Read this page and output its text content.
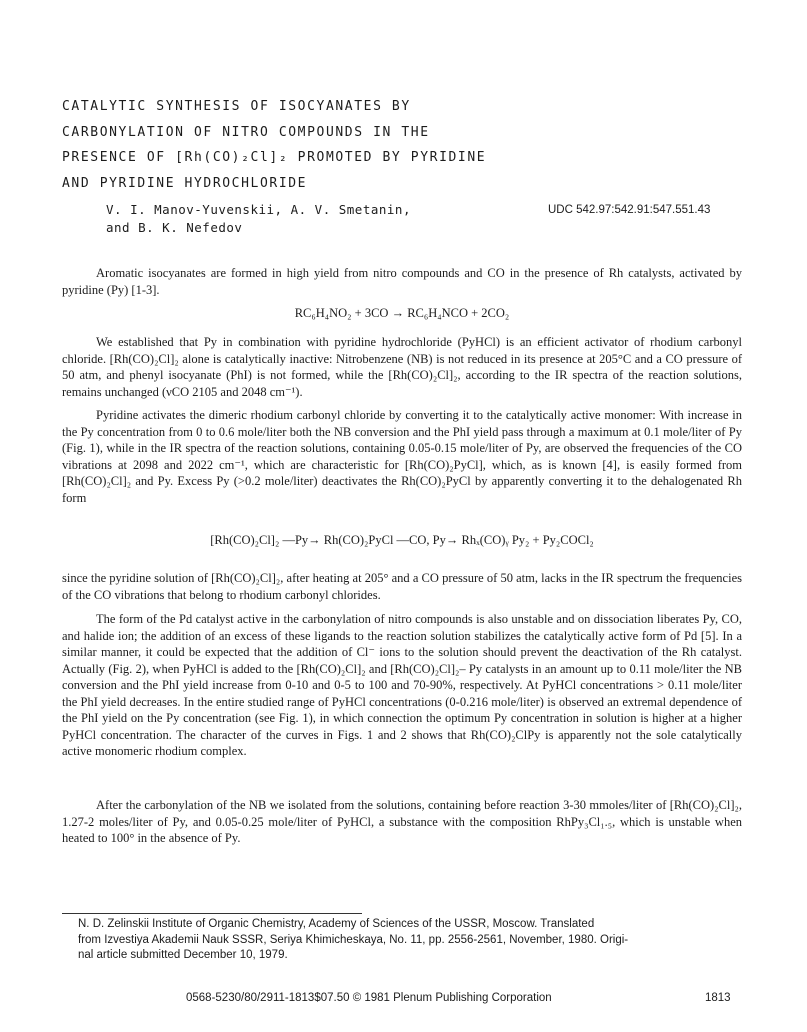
CATALYTIC SYNTHESIS OF ISOCYANATES BY
CARBONYLATION OF NITRO COMPOUNDS IN THE
PRESENCE OF [Rh(CO)₂Cl]₂ PROMOTED BY PYRIDINE
AND PYRIDINE HYDROCHLORIDE
V. I. Manov-Yuvenskii, A. V. Smetanin,
and B. K. Nefedov
UDC 542.97:542.91:547.551.43

Aromatic isocyanates are formed in high yield from nitro compounds and CO in the presence of Rh catalysts, activated by pyridine (Py) [1-3].

RC₆H₄NO₂ + 3CO → RC₆H₄NCO + 2CO₂

We established that Py in combination with pyridine hydrochloride (PyHCl) is an efficient activator of rhodium carbonyl chloride. [Rh(CO)₂Cl]₂ alone is catalytically inactive: Nitrobenzene (NB) is not reduced in its presence at 205°C and a CO pressure of 50 atm, and phenyl isocyanate (PhI) is not formed, while the [Rh(CO)₂Cl]₂, according to the IR spectra of the reaction solutions, remains unchanged (νCO 2105 and 2048 cm⁻¹).

Pyridine activates the dimeric rhodium carbonyl chloride by converting it to the catalytically active monomer: With increase in the Py concentration from 0 to 0.6 mole/liter both the NB conversion and the PhI yield pass through a maximum at 0.1 mole/liter of Py (Fig. 1), while in the IR spectra of the reaction solutions, containing 0.05-0.15 mole/liter of Py, are observed the frequencies of the CO vibrations at 2098 and 2022 cm⁻¹, which are characteristic for [Rh(CO)₂PyCl], which, as is known [4], is easily formed from [Rh(CO)₂Cl]₂ and Py. Excess Py (>0.2 mole/liter) deactivates the Rh(CO)₂PyCl by apparently converting it to the dehalogenated Rh form

[Rh(CO)₂Cl]₂ —Py→ Rh(CO)₂PyCl —CO, Py→ Rhₓ(CO)ᵧ Py₂ + Py₂COCl₂

since the pyridine solution of [Rh(CO)₂Cl]₂, after heating at 205° and a CO pressure of 50 atm, lacks in the IR spectrum the frequencies of the CO vibrations that belong to rhodium carbonyl chlorides.

The form of the Pd catalyst active in the carbonylation of nitro compounds is also unstable and on dissociation liberates Py, CO, and halide ion; the addition of an excess of these ligands to the reaction solution stabilizes the catalytically active form of Pd [5]. In a similar manner, it could be expected that the addition of Cl⁻ ions to the solution should prevent the deactivation of the Rh catalyst. Actually (Fig. 2), when PyHCl is added to the [Rh(CO)₂Cl]₂ and [Rh(CO)₂Cl]₂– Py catalysts in an amount up to 0.11 mole/liter the NB conversion and the PhI yield increase from 0-10 and 0-5 to 100 and 70-90%, respectively. At PyHCl concentrations > 0.11 mole/liter the PhI yield decreases. In the entire studied range of PyHCl concentrations (0-0.216 mole/liter) is observed an extremal dependence of the PhI yield on the Py concentration (see Fig. 1), in which connection the optimum Py concentration in solution is higher at a higher PyHCl concentration. The character of the curves in Figs. 1 and 2 shows that Rh(CO)₂ClPy is apparently not the sole catalytically active monomeric rhodium complex.

After the carbonylation of the NB we isolated from the solutions, containing before reaction 3-30 mmoles/liter of [Rh(CO)₂Cl]₂, 1.27-2 moles/liter of Py, and 0.05-0.25 mole/liter of PyHCl, a substance with the composition RhPy₃Cl₁.₅, which is unstable when heated to 100° in the absence of Py.

N. D. Zelinskii Institute of Organic Chemistry, Academy of Sciences of the USSR, Moscow. Translated
from Izvestiya Akademii Nauk SSSR, Seriya Khimicheskaya, No. 11, pp. 2556-2561, November, 1980. Origi-
nal article submitted December 10, 1979.
0568-5230/80/2911-1813$07.50 © 1981 Plenum Publishing Corporation	1813
